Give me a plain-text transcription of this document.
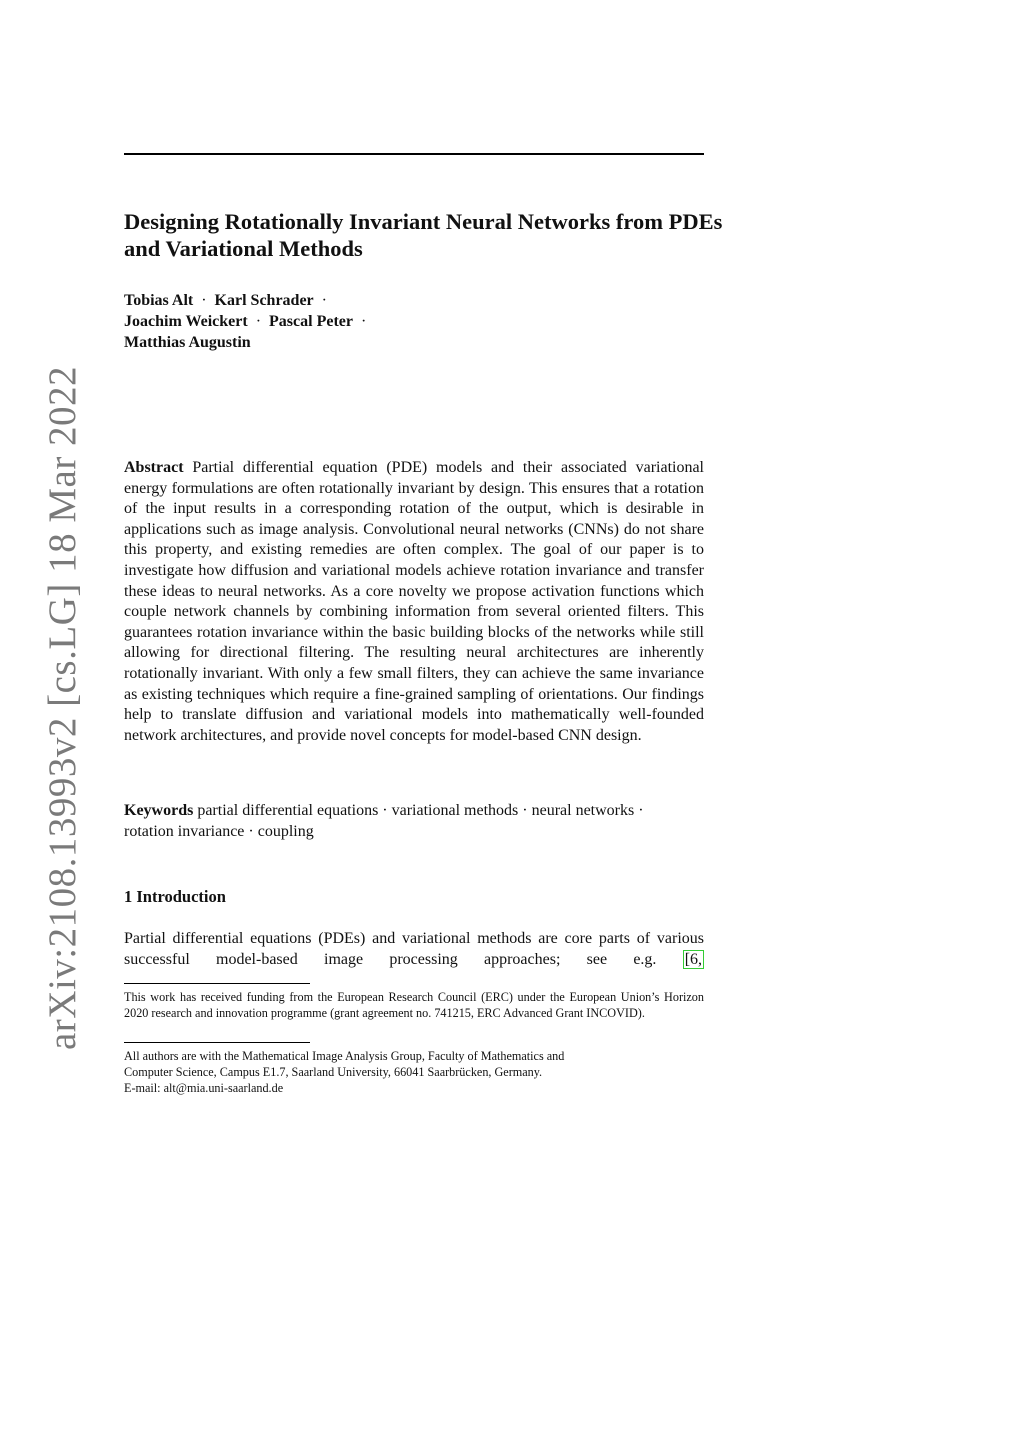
Designing Rotationally Invariant Neural Networks from PDEs and Variational Methods
Tobias Alt · Karl Schrader ·
Joachim Weickert · Pascal Peter ·
Matthias Augustin
arXiv:2108.13993v2 [cs.LG] 18 Mar 2022	Abstract Partial differential equation (PDE) models and their associated variational energy formulations are often rotationally invariant by design. This ensures that a rotation of the input results in a corresponding rotation of the output, which is desirable in applications such as image analysis. Convolutional neural networks (CNNs) do not share this property, and existing remedies are often complex. The goal of our paper is to investigate how diffusion and variational models achieve rotation invariance and transfer these ideas to neural networks. As a core novelty we propose activation functions which couple network channels by combining information from several oriented filters. This guarantees rotation invariance within the basic building blocks of the networks while still allowing for directional filtering. The resulting neural architectures are inherently rotationally invariant. With only a few small filters, they can achieve the same invariance as existing techniques which require a fine-grained sampling of orientations. Our findings help to translate diffusion and variational models into mathematically well-founded network architectures, and provide novel concepts for model-based CNN design.

Keywords partial differential equations · variational methods · neural networks · rotation invariance · coupling

1 Introduction

Partial differential equations (PDEs) and variational methods are core parts of various successful model-based image processing approaches; see e.g. [6,

This work has received funding from the European Research Council (ERC) under the European Union’s Horizon 2020 research and innovation programme (grant agreement no. 741215, ERC Advanced Grant INCOVID).

All authors are with the Mathematical Image Analysis Group, Faculty of Mathematics and
Computer Science, Campus E1.7, Saarland University, 66041 Saarbrücken, Germany.
E-mail: alt@mia.uni-saarland.de
